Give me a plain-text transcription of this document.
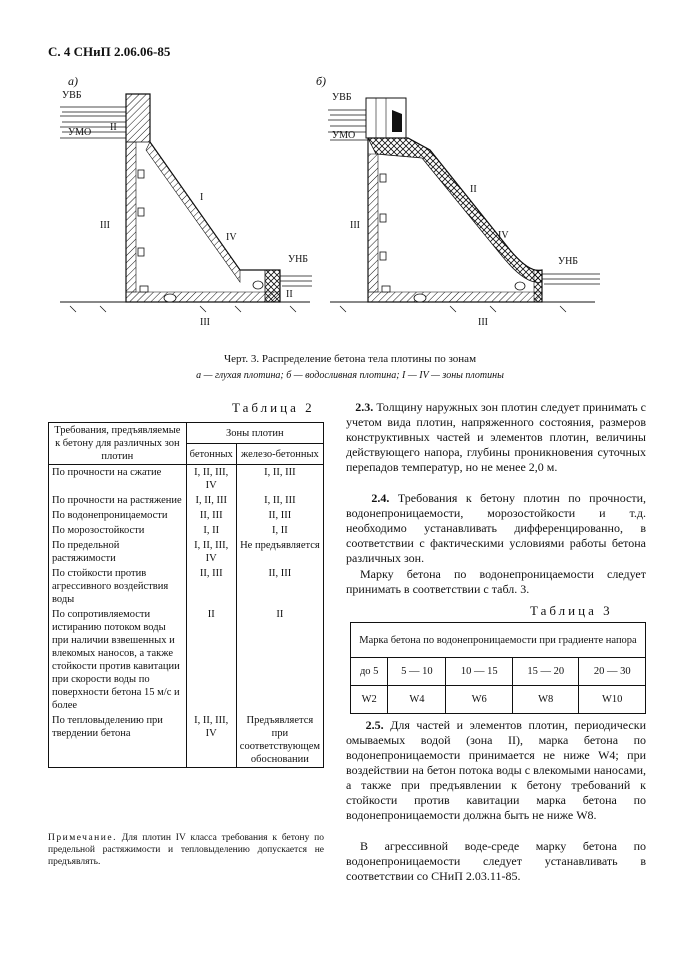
С. 4 СНиП 2.06.06-85
а)	б)
УВБ
УМО
УНБ
I
II
II
III
III
IV
УВБ
УМО
УНБ
II
III
III
IV
Черт. 3. Распределение бетона тела плотины по зонам
а — глухая плотина; б — водосливная плотина; I — IV — зоны плотины
Таблица 2
Требования, предъявляемые к бетону для различных зон плотин	Зоны плотин	
	бетонных	железо-бетонных
По прочности на сжатие	I, II, III, IV	I, II, III
По прочности на растяжение	I, II, III	I, II, III
По водонепроницаемости	II, III	II, III
По морозостойкости	I, II	I, II
По предельной растяжимости	I, II, III, IV	Не предъявляется
По стойкости против агрессивного воздействия воды	II, III	II, III
По сопротивляемости истиранию потоком воды при наличии взвешенных и влекомых наносов, а также стойкости против кавитации при скорости воды по поверхности бетона 15 м/с и более	II	II
По тепловыделению при твердении бетона	I, II, III, IV	Предъявляется при соответствующем обосновании
Примечание. Для плотин IV класса требования к бетону по предельной растяжимости и тепловыделению допускается не предъявлять.
2.3. Толщину наружных зон плотин следует принимать с учетом вида плотин, напряженного состояния, размеров конструктивных частей и элементов плотин, величины действующего напора, глубины проникновения суточных перепадов температур, но не менее 2,0 м.
2.4. Требования к бетону плотин по прочности, водонепроницаемости, морозостойкости и т.д. необходимо устанавливать дифференцированно, в соответствии с фактическими условиями работы бетона различных зон.
Марку бетона по водонепроницаемости следует принимать в соответствии с табл. 3.
Таблица 3
Марка бетона по водонепроницаемости при градиенте напора				
до 5	5 — 10	10 — 15	15 — 20	20 — 30
W2	W4	W6	W8	W10
2.5. Для частей и элементов плотин, периодически омываемых водой (зона II), марка бетона по водонепроницаемости принимается не ниже W4; при воздействии на бетон потока воды с влекомыми наносами, а также при предъявлении к бетону требований к стойкости против кавитации марка бетона по водонепроницаемости должна быть не ниже W8.
В агрессивной воде-среде марку бетона по водонепроницаемости следует устанавливать в соответствии со СНиП 2.03.11-85.
